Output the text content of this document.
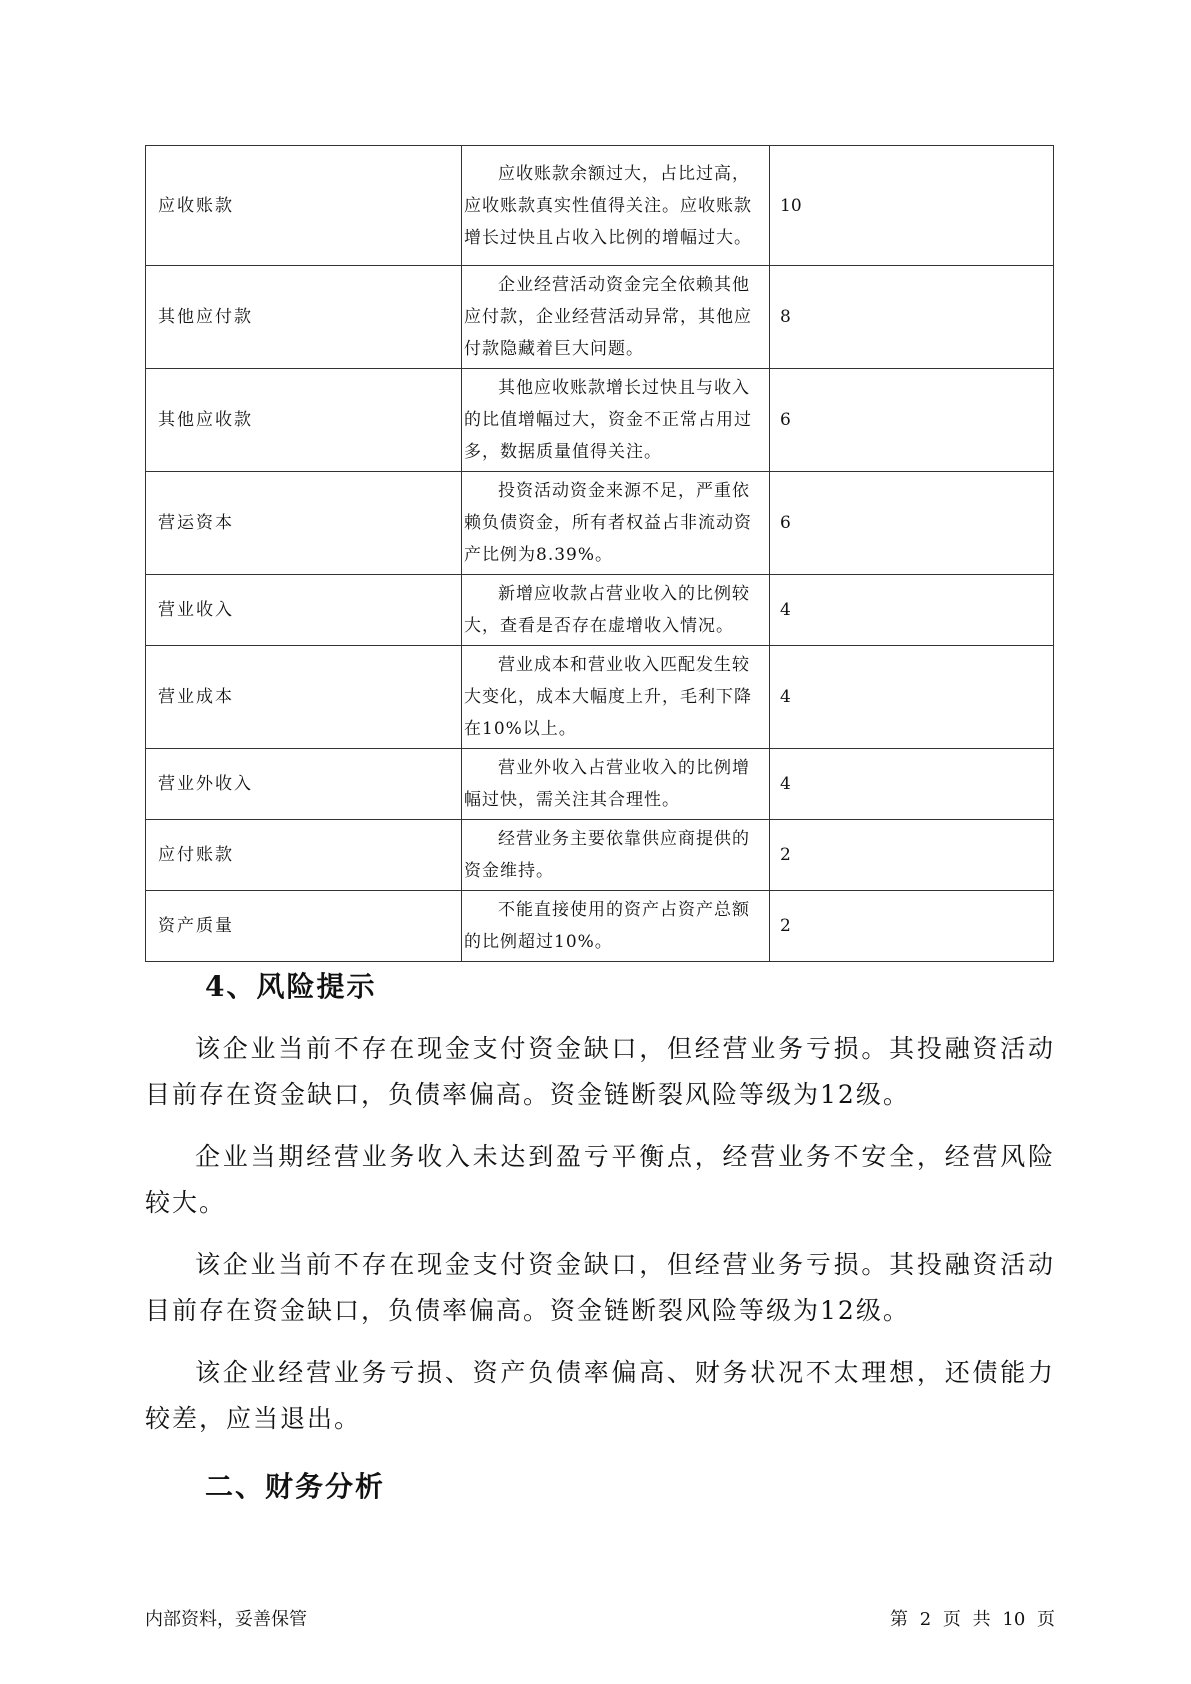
应收账款	应收账款余额过大，占比过高，应收账款真实性值得关注。应收账款增长过快且占收入比例的增幅过大。	10
其他应付款	企业经营活动资金完全依赖其他应付款，企业经营活动异常，其他应付款隐藏着巨大问题。	8
其他应收款	其他应收账款增长过快且与收入的比值增幅过大，资金不正常占用过多，数据质量值得关注。	6
营运资本	投资活动资金来源不足，严重依赖负债资金，所有者权益占非流动资产比例为8.39%。	6
营业收入	新增应收款占营业收入的比例较大，查看是否存在虚增收入情况。	4
营业成本	营业成本和营业收入匹配发生较大变化，成本大幅度上升，毛利下降在10%以上。	4
营业外收入	营业外收入占营业收入的比例增幅过快，需关注其合理性。	4
应付账款	经营业务主要依靠供应商提供的资金维持。	2
资产质量	不能直接使用的资产占资产总额的比例超过10%。	2
4、风险提示

该企业当前不存在现金支付资金缺口，但经营业务亏损。其投融资活动目前存在资金缺口，负债率偏高。资金链断裂风险等级为12级。

企业当期经营业务收入未达到盈亏平衡点，经营业务不安全，经营风险较大。

该企业当前不存在现金支付资金缺口，但经营业务亏损。其投融资活动目前存在资金缺口，负债率偏高。资金链断裂风险等级为12级。

该企业经营业务亏损、资产负债率偏高、财务状况不太理想，还债能力较差，应当退出。

二、财务分析
内部资料，妥善保管	第 2 页 共 10 页
